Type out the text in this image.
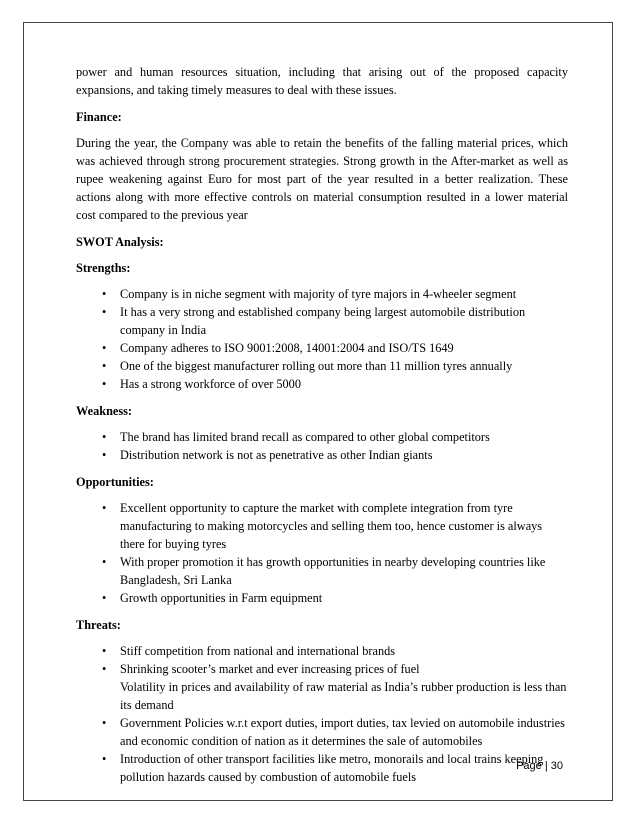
power and human resources situation, including that arising out of the proposed capacity expansions, and taking timely measures to deal with these issues.

Finance:

During the year, the Company was able to retain the benefits of the falling material prices, which was achieved through strong procurement strategies. Strong growth in the After-market as well as rupee weakening against Euro for most part of the year resulted in a better realization. These actions along with more effective controls on material consumption resulted in a lower material cost compared to the previous year

SWOT Analysis:
Strengths:
• Company is in niche segment with majority of tyre majors in 4-wheeler segment
• It has a very strong and established company being largest automobile distribution company in India
• Company adheres to ISO 9001:2008, 14001:2004 and ISO/TS 1649
• One of the biggest manufacturer rolling out more than 11 million tyres annually
• Has a strong workforce of over 5000
Weakness:
• The brand has limited brand recall as compared to other global competitors
• Distribution network is not as penetrative as other Indian giants
Opportunities:
• Excellent opportunity to capture the market with complete integration from tyre manufacturing to making motorcycles and selling them too, hence customer is always there for buying tyres
• With proper promotion it has growth opportunities in nearby developing countries like Bangladesh, Sri Lanka
• Growth opportunities in Farm equipment
Threats:
• Stiff competition from national and international brands
• Shrinking scooter’s market and ever increasing prices of fuel
Volatility in prices and availability of raw material as India’s rubber production is less than its demand
• Government Policies w.r.t export duties, import duties, tax levied on automobile industries and economic condition of nation as it determines the sale of automobiles
• Introduction of other transport facilities like metro, monorails and local trains keeping pollution hazards caused by combustion of automobile fuels
Page | 30
